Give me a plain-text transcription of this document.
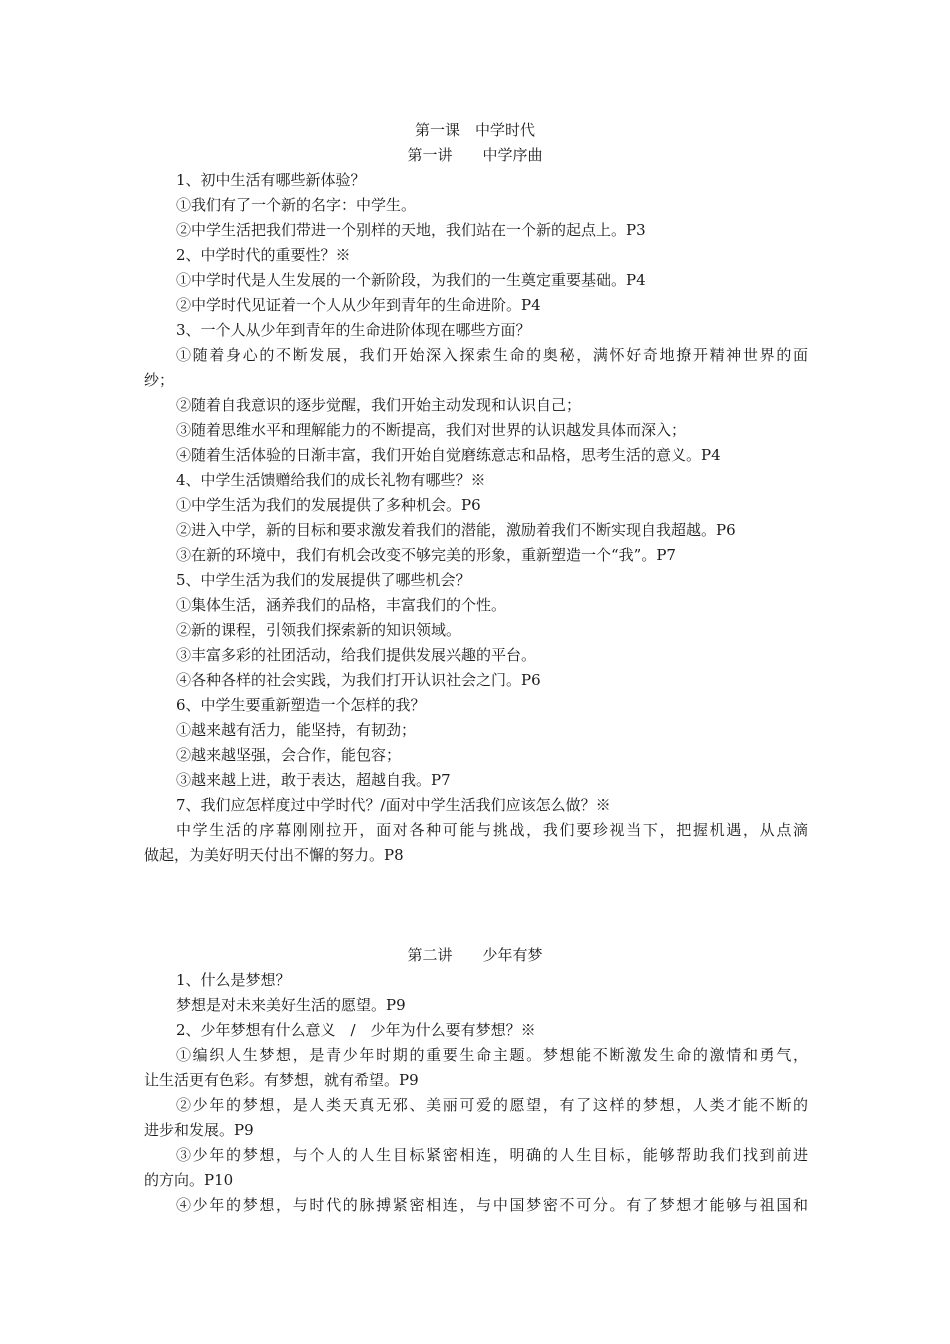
第一课　中学时代
第一讲　　中学序曲
1、初中生活有哪些新体验？
①我们有了一个新的名字：中学生。
②中学生活把我们带进一个别样的天地，我们站在一个新的起点上。P3
2、中学时代的重要性？※
①中学时代是人生发展的一个新阶段，为我们的一生奠定重要基础。P4
②中学时代见证着一个人从少年到青年的生命进阶。P4
3、一个人从少年到青年的生命进阶体现在哪些方面？
①随着身心的不断发展，我们开始深入探索生命的奥秘，满怀好奇地撩开精神世界的面
纱；
②随着自我意识的逐步觉醒，我们开始主动发现和认识自己；
③随着思维水平和理解能力的不断提高，我们对世界的认识越发具体而深入；
④随着生活体验的日渐丰富，我们开始自觉磨练意志和品格，思考生活的意义。P4
4、中学生活馈赠给我们的成长礼物有哪些？※
①中学生活为我们的发展提供了多种机会。P6
②进入中学，新的目标和要求激发着我们的潜能，激励着我们不断实现自我超越。P6
③在新的环境中，我们有机会改变不够完美的形象，重新塑造一个“我”。P7
5、中学生活为我们的发展提供了哪些机会？
①集体生活，涵养我们的品格，丰富我们的个性。
②新的课程，引领我们探索新的知识领域。
③丰富多彩的社团活动，给我们提供发展兴趣的平台。
④各种各样的社会实践，为我们打开认识社会之门。P6
6、中学生要重新塑造一个怎样的我？
①越来越有活力，能坚持，有韧劲；
②越来越坚强，会合作，能包容；
③越来越上进，敢于表达，超越自我。P7
7、我们应怎样度过中学时代？/面对中学生活我们应该怎么做？※
中学生活的序幕刚刚拉开，面对各种可能与挑战，我们要珍视当下，把握机遇，从点滴
做起，为美好明天付出不懈的努力。P8
第二讲　　少年有梦
1、什么是梦想？
梦想是对未来美好生活的愿望。P9
2、少年梦想有什么意义　/　少年为什么要有梦想？※
①编织人生梦想，是青少年时期的重要生命主题。梦想能不断激发生命的激情和勇气，
让生活更有色彩。有梦想，就有希望。P9
②少年的梦想，是人类天真无邪、美丽可爱的愿望，有了这样的梦想，人类才能不断的
进步和发展。P9
③少年的梦想，与个人的人生目标紧密相连，明确的人生目标，能够帮助我们找到前进
的方向。P10
④少年的梦想，与时代的脉搏紧密相连，与中国梦密不可分。有了梦想才能够与祖国和
